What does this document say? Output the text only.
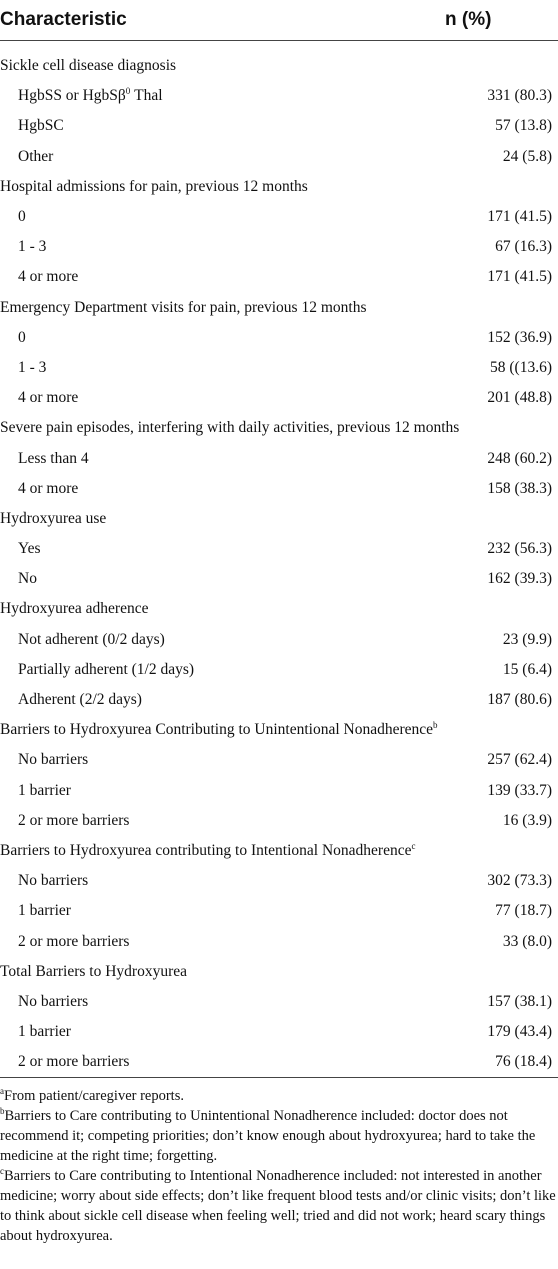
Characteristic	n (%)

Sickle cell disease diagnosis	
HgbSS or HgbSβ$^0$ Thal	331 (80.3)
HgbSC	57 (13.8)
Other	24 (5.8)
Hospital admissions for pain, previous 12 months	
0	171 (41.5)
1 - 3	67 (16.3)
4 or more	171 (41.5)
Emergency Department visits for pain, previous 12 months	
0	152 (36.9)
1 - 3	58 ((13.6)
4 or more	201 (48.8)
Severe pain episodes, interfering with daily activities, previous 12 months	
Less than 4	248 (60.2)
4 or more	158 (38.3)
Hydroxyurea use	
Yes	232 (56.3)
No	162 (39.3)
Hydroxyurea adherence	
Not adherent (0/2 days)	23 (9.9)
Partially adherent (1/2 days)	15 (6.4)
Adherent (2/2 days)	187 (80.6)
Barriers to Hydroxyurea Contributing to Unintentional Nonadherence$^b$	
No barriers	257 (62.4)
1 barrier	139 (33.7)
2 or more barriers	16 (3.9)
Barriers to Hydroxyurea contributing to Intentional Nonadherence$^c$	
No barriers	302 (73.3)
1 barrier	77 (18.7)
2 or more barriers	33 (8.0)
Total Barriers to Hydroxyurea	
No barriers	157 (38.1)
1 barrier	179 (43.4)
2 or more barriers	76 (18.4)

$^a$From patient/caregiver reports.

$^b$Barriers to Care contributing to Unintentional Nonadherence included: doctor does not recommend it; competing priorities; don’t know enough about hydroxyurea; hard to take the medicine at the right time; forgetting.

$^c$Barriers to Care contributing to Intentional Nonadherence included: not interested in another medicine; worry about side effects; don’t like frequent blood tests and/or clinic visits; don’t like to think about sickle cell disease when feeling well; tried and did not work; heard scary things about hydroxyurea.
